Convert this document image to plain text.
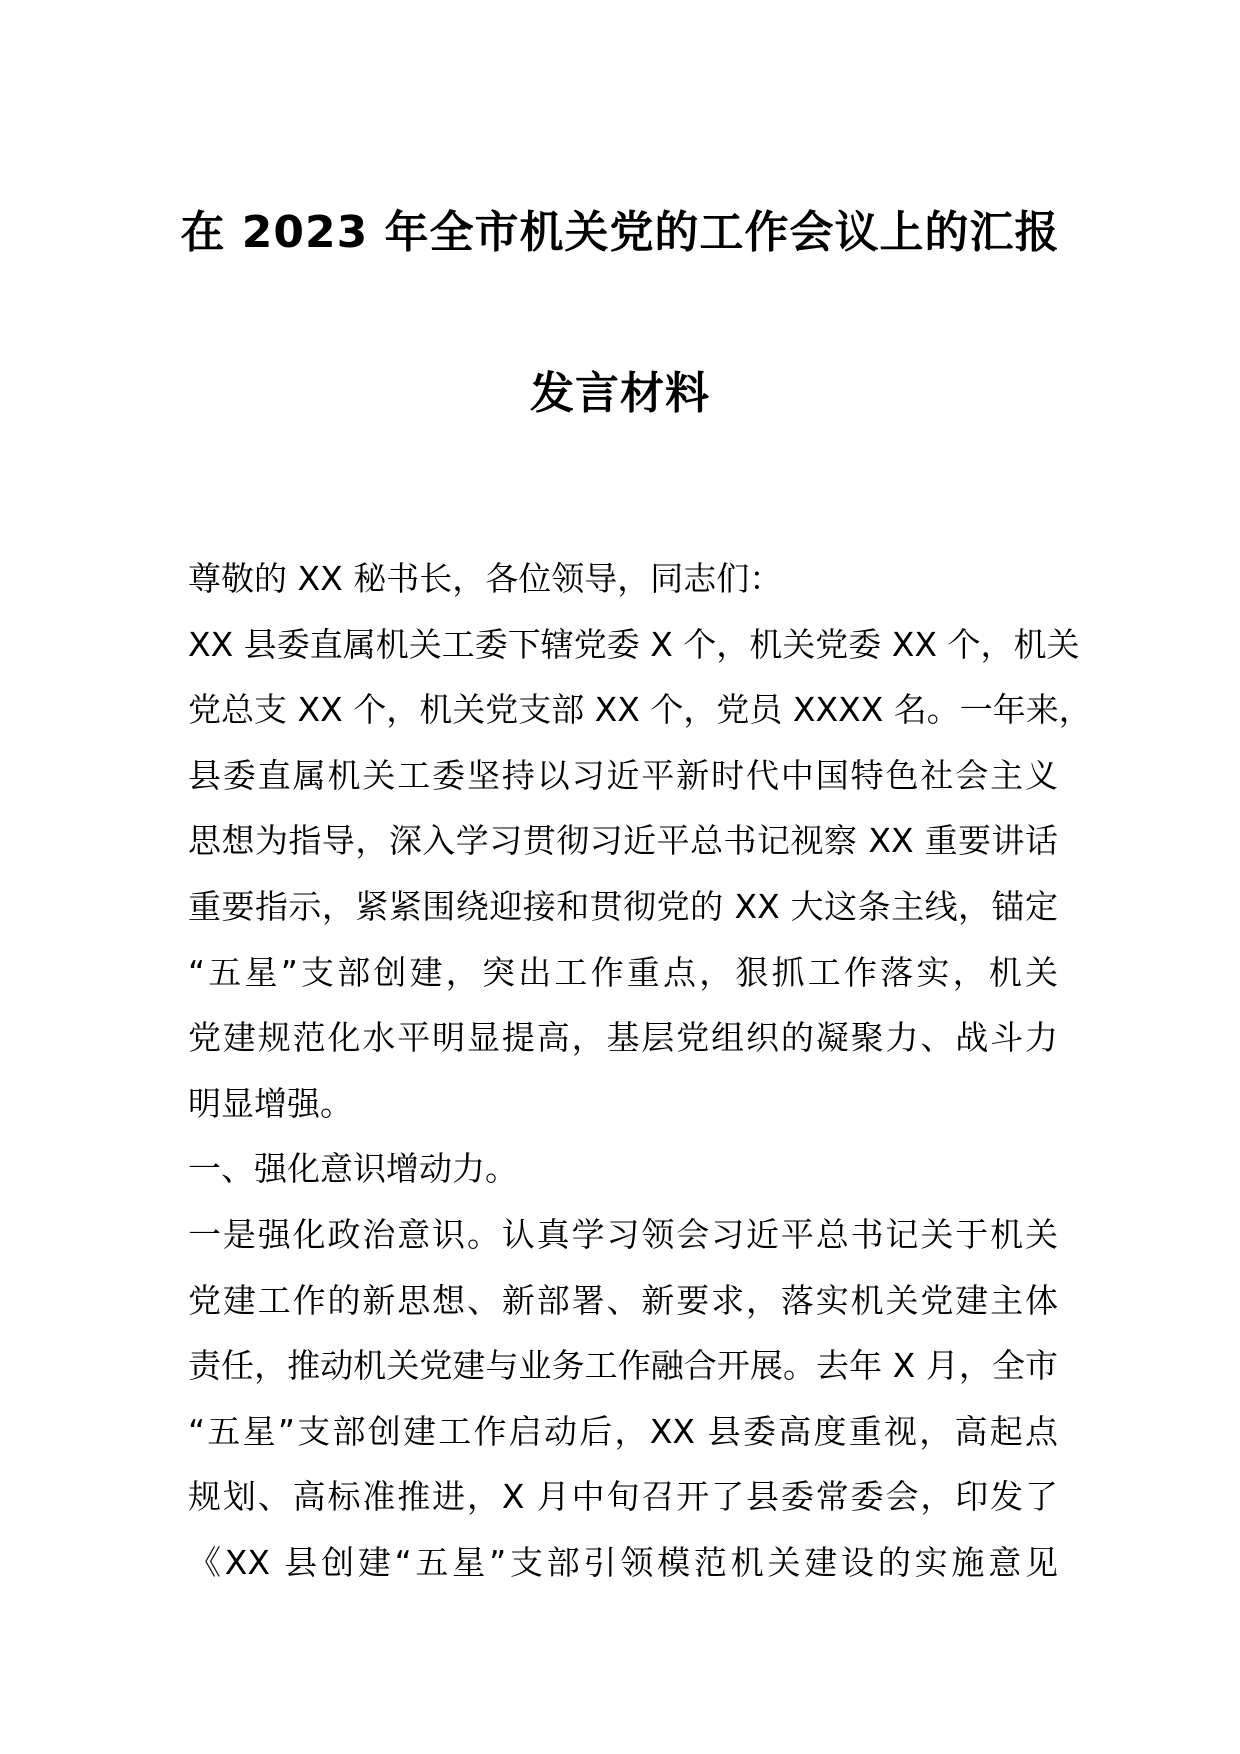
在 2023 年全市机关党的工作会议上的汇报
发言材料
尊敬的 XX 秘书长，各位领导，同志们：
XX 县委直属机关工委下辖党委 X 个，机关党委 XX 个，机关
党总支 XX 个，机关党支部 XX 个，党员 XXXX 名。一年来，
县委直属机关工委坚持以习近平新时代中国特色社会主义
思想为指导，深入学习贯彻习近平总书记视察 XX 重要讲话
重要指示，紧紧围绕迎接和贯彻党的 XX 大这条主线，锚定
“五星”支部创建，突出工作重点，狠抓工作落实，机关
党建规范化水平明显提高，基层党组织的凝聚力、战斗力
明显增强。
一、强化意识增动力。
一是强化政治意识。认真学习领会习近平总书记关于机关
党建工作的新思想、新部署、新要求，落实机关党建主体
责任，推动机关党建与业务工作融合开展。去年 X 月，全市
“五星”支部创建工作启动后，XX 县委高度重视，高起点
规划、高标准推进，X 月中旬召开了县委常委会，印发了
《XX 县创建“五星”支部引领模范机关建设的实施意见
